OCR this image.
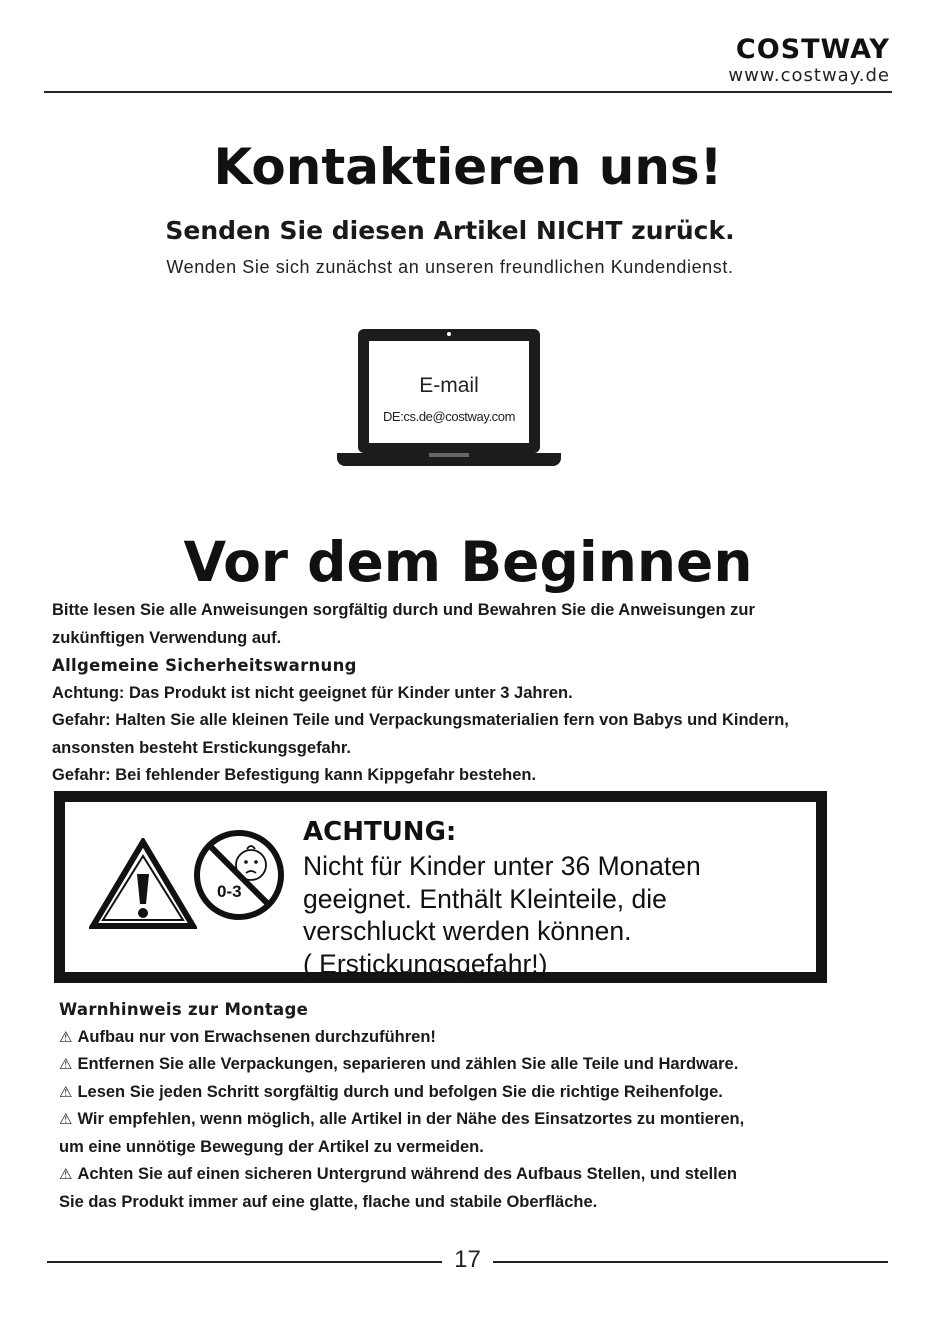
COSTWAY
www.costway.de
Kontaktieren uns!
Senden Sie diesen Artikel NICHT zurück.
Wenden Sie sich zunächst an unseren freundlichen Kundendienst.
E-mail
DE:cs.de@costway.com
Vor dem Beginnen

Bitte lesen Sie alle Anweisungen sorgfältig durch und Bewahren Sie die Anweisungen zur

zukünftigen Verwendung auf.

Allgemeine Sicherheitswarnung

Achtung: Das Produkt ist nicht geeignet für Kinder unter 3 Jahren.

Gefahr: Halten Sie alle kleinen Teile und Verpackungsmaterialien fern von Babys und Kindern,

ansonsten besteht Erstickungsgefahr.

Gefahr: Bei fehlender Befestigung kann Kippgefahr bestehen.

0-3
ACHTUNG:
Nicht für Kinder unter 36 Monaten
geeignet. Enthält Kleinteile, die
verschluckt werden können.
( Erstickungsgefahr!)

Warnhinweis zur Montage

⚠ Aufbau nur von Erwachsenen durchzuführen!

⚠ Entfernen Sie alle Verpackungen, separieren und zählen Sie alle Teile und Hardware.

⚠ Lesen Sie jeden Schritt sorgfältig durch und befolgen Sie die richtige Reihenfolge.

⚠ Wir empfehlen, wenn möglich, alle Artikel in der Nähe des Einsatzortes zu montieren,

um eine unnötige Bewegung der Artikel zu vermeiden.

⚠ Achten Sie auf einen sicheren Untergrund während des Aufbaus Stellen, und stellen

Sie das Produkt immer auf eine glatte, flache und stabile Oberfläche.

17
